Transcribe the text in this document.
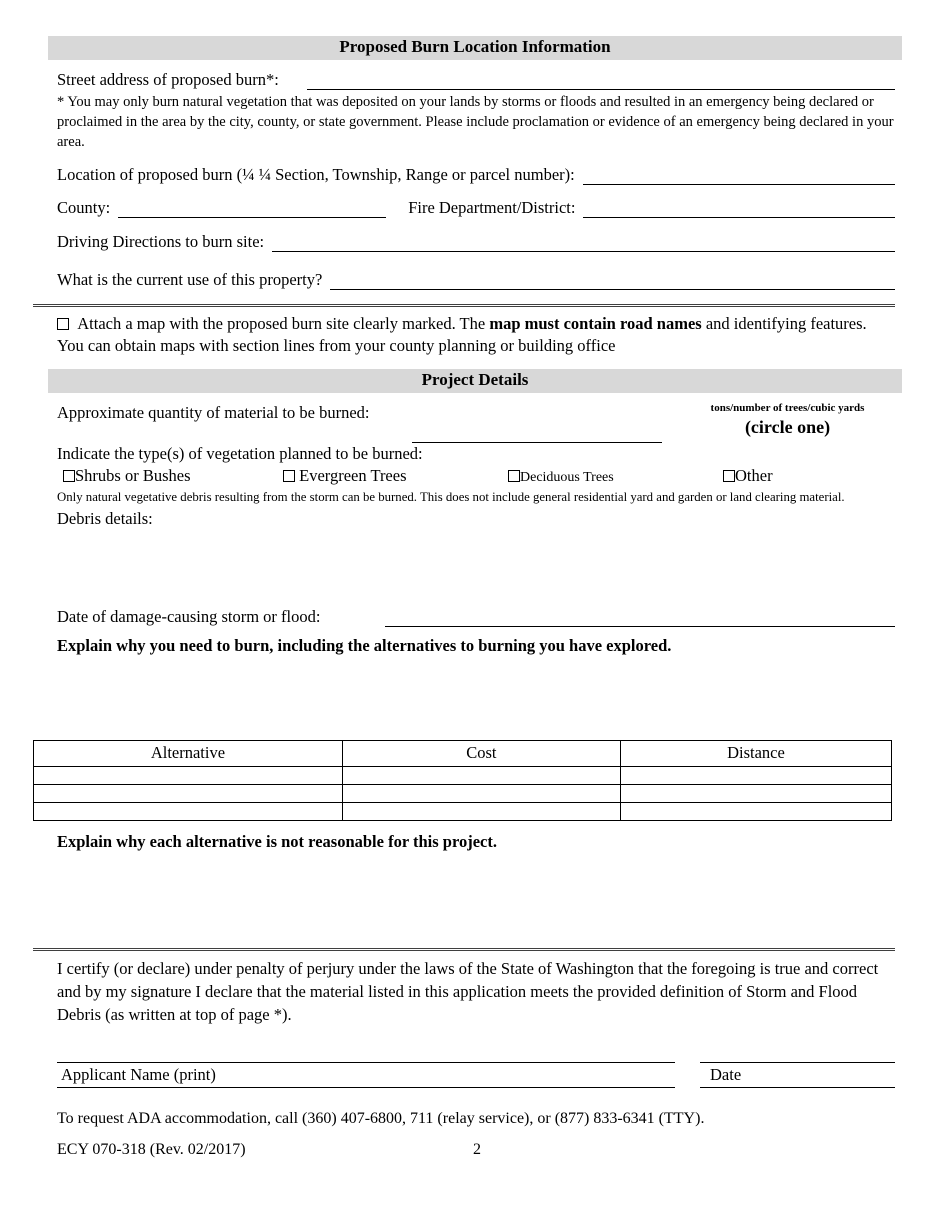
Proposed Burn Location Information
Street address of proposed burn*:

* You may only burn natural vegetation that was deposited on your lands by storms or floods and resulted in an emergency being declared or proclaimed in the area by the city, county, or state government. Please include proclamation or evidence of an emergency being declared in your area.

Location of proposed burn (¼ ¼ Section, Township, Range or parcel number):
County:	Fire Department/District:
Driving Directions to burn site:
What is the current use of this property?

Attach a map with the proposed burn site clearly marked. The map must contain road names and identifying features. You can obtain maps with section lines from your county planning or building office

Project Details
Approximate quantity of material to be burned:	tons/number of trees/cubic yards
(circle one)
Indicate the type(s) of vegetation planned to be burned:
Shrubs or Bushes	Evergreen Trees	Deciduous Trees	Other

Only natural vegetative debris resulting from the storm can be burned. This does not include general residential yard and garden or land clearing material.

Debris details:
Date of damage-causing storm or flood:
Explain why you need to burn, including the alternatives to burning you have explored.
Alternative	Cost	Distance

Explain why each alternative is not reasonable for this project.

I certify (or declare) under penalty of perjury under the laws of the State of Washington that the foregoing is true and correct and by my signature I declare that the material listed in this application meets the provided definition of Storm and Flood Debris (as written at top of page *).

Applicant Name (print)	Date
To request ADA accommodation, call (360) 407-6800, 711 (relay service), or (877) 833-6341 (TTY).
ECY 070-318 (Rev. 02/2017)	2
